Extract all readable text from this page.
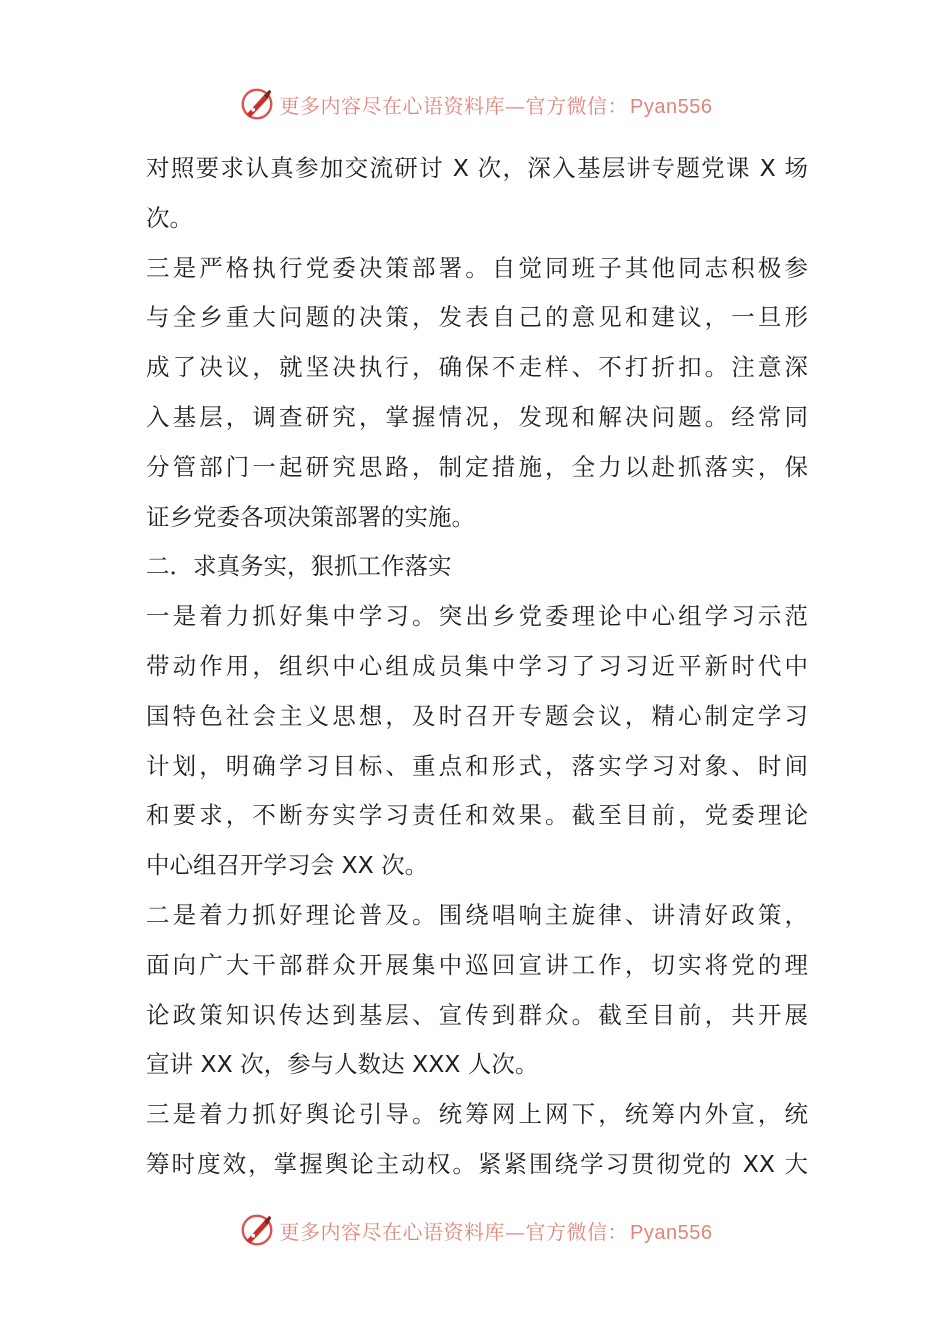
更多内容尽在心语资料库—官方微信： Pyan556
对照要求认真参加交流研讨 X 次，深入基层讲专题党课 X 场
次。
三是严格执行党委决策部署。自觉同班子其他同志积极参
与全乡重大问题的决策，发表自己的意见和建议，一旦形
成了决议，就坚决执行，确保不走样、不打折扣。注意深
入基层，调查研究，掌握情况，发现和解决问题。经常同
分管部门一起研究思路，制定措施，全力以赴抓落实，保
证乡党委各项决策部署的实施。
二．求真务实，狠抓工作落实
一是着力抓好集中学习。突出乡党委理论中心组学习示范
带动作用，组织中心组成员集中学习了习习近平新时代中
国特色社会主义思想，及时召开专题会议，精心制定学习
计划，明确学习目标、重点和形式，落实学习对象、时间
和要求，不断夯实学习责任和效果。截至目前，党委理论
中心组召开学习会 XX 次。
二是着力抓好理论普及。围绕唱响主旋律、讲清好政策，
面向广大干部群众开展集中巡回宣讲工作，切实将党的理
论政策知识传达到基层、宣传到群众。截至目前，共开展
宣讲 XX 次，参与人数达 XXX 人次。
三是着力抓好舆论引导。统筹网上网下，统筹内外宣，统
筹时度效，掌握舆论主动权。紧紧围绕学习贯彻党的 XX 大
更多内容尽在心语资料库—官方微信： Pyan556
